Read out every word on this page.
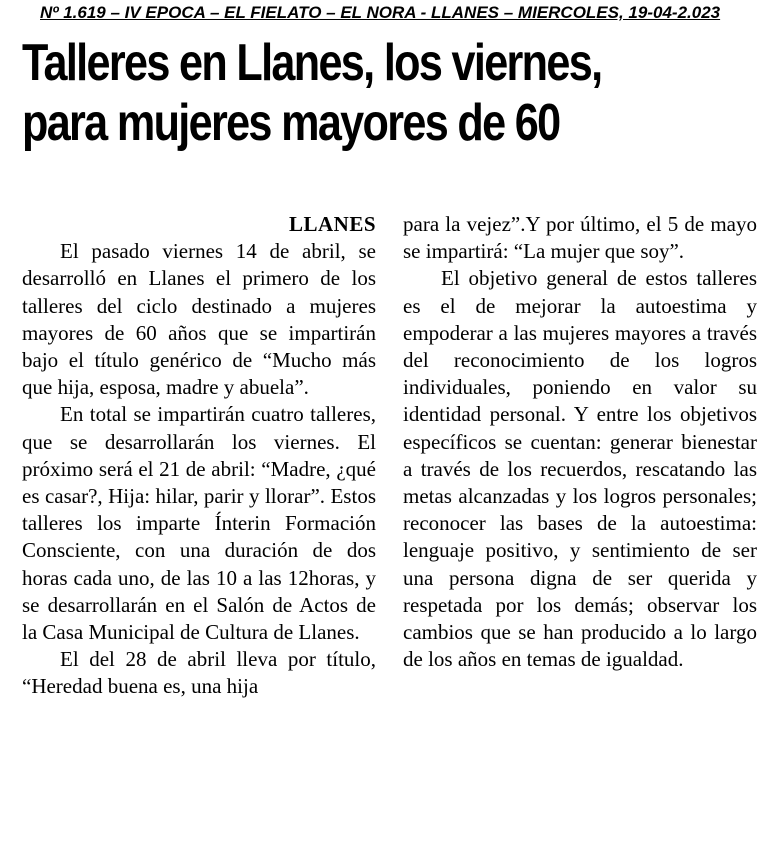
Nº 1.619 – IV EPOCA – EL FIELATO – EL NORA - LLANES – MIERCOLES, 19-04-2.023
Talleres en Llanes, los viernes,
para mujeres mayores de 60
LLANES

El pasado viernes 14 de abril, se desarrolló en Llanes el primero de los talleres del ciclo destinado a mujeres mayores de 60 años que se impartirán bajo el título genérico de “Mucho más que hija, esposa, madre y abuela”.

En total se impartirán cuatro talleres, que se desarrollarán los viernes. El próximo será el 21 de abril: “Madre, ¿qué es casar?, Hija: hilar, parir y llorar”. Estos talleres los imparte Ínterin Formación Consciente, con una duración de dos horas cada uno, de las 10 a las 12horas, y se desarrollarán en el Salón de Actos de la Casa Municipal de Cultura de Llanes.

El del 28 de abril lleva por título, “Heredad buena es, una hija

para la vejez”.Y por último, el 5 de mayo se impartirá: “La mujer que soy”.

El objetivo general de estos talleres es el de mejorar la autoestima y empoderar a las mujeres mayores a través del reconocimiento de los logros individuales, poniendo en valor su identidad personal. Y entre los objetivos específicos se cuentan: generar bienestar a través de los recuerdos, rescatando las metas alcanzadas y los logros personales; reconocer las bases de la autoestima: lenguaje positivo, y sentimiento de ser una persona digna de ser querida y respetada por los demás; observar los cambios que se han producido a lo largo de los años en temas de igualdad.
